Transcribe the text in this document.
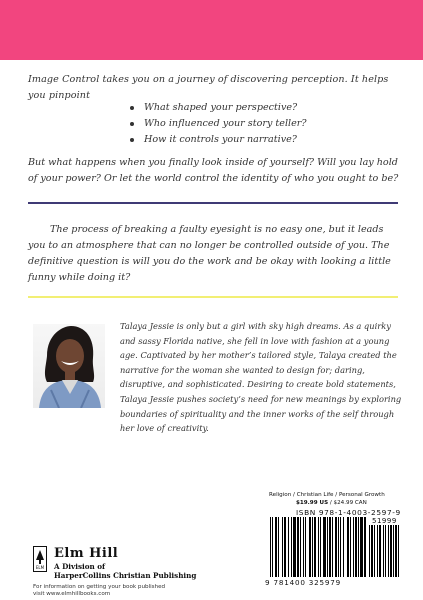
Image Control takes you on a journey of discovering perception. It helps you pinpoint

What shaped your perspective?
Who influenced your story teller?
How it controls your narrative?

But what happens when you finally look inside of yourself? Will you lay hold of your power? Or let the world control the identity of who you ought to be?

The process of breaking a faulty eyesight is no easy one, but it leads you to an atmosphere that can no longer be controlled outside of you. The definitive question is will you do the work and be okay with looking a little funny while doing it?

Talaya Jessie is only but a girl with sky high dreams. As a quirky and sassy Florida native, she fell in love with fashion at a young age. Captivated by her mother’s tailored style, Talaya created the narrative for the woman she wanted to design for; daring, disruptive, and sophisticated. Desiring to create bold statements, Talaya Jessie pushes society’s need for new meanings by exploring boundaries of spirituality and the inner works of the self through her love of creativity.

ELM
Elm Hill
A Division of
HarperCollins Christian Publishing
For information on getting your book published
visit www.elmhillbooks.com
Religion / Christian Life / Personal Growth
$19.99 US / $24.99 CAN
ISBN 978-1-4003-2597-9
51999
9 781400 325979
